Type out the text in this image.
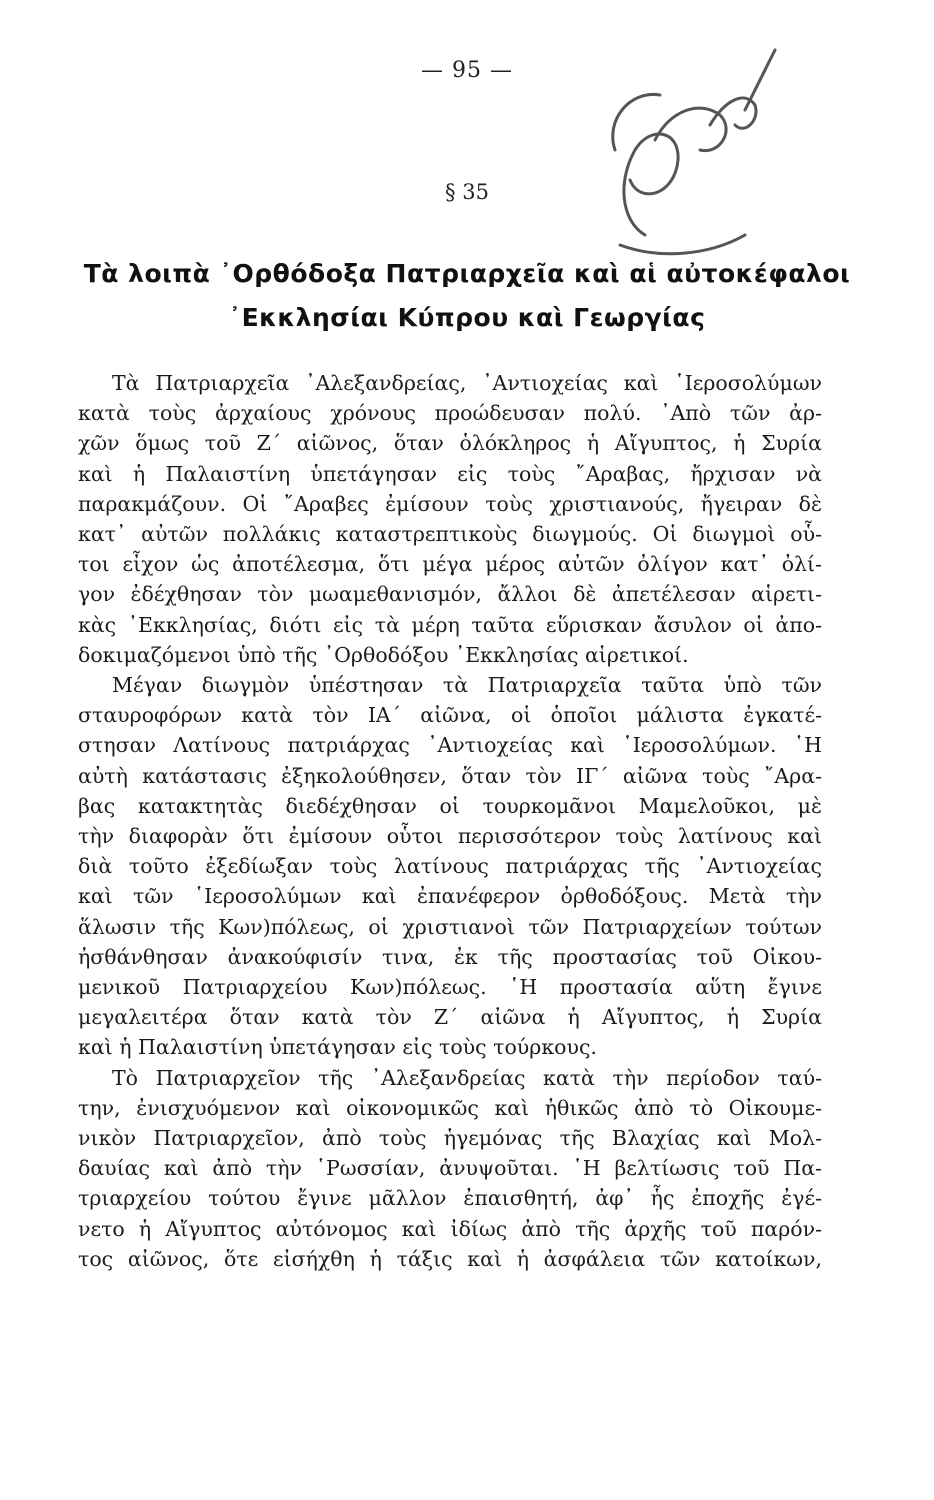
— 95 —
§ 35
Τὰ λοιπὰ ᾿Ορθόδοξα Πατριαρχεῖα καὶ αἱ αὐτοκέφαλοι
᾿Εκκλησίαι Κύπρου καὶ Γεωργίας
Τὰ Πατριαρχεῖα ᾿Αλεξανδρείας, ᾿Αντιοχείας καὶ ῾Ιεροσολύμων
κατὰ τοὺς ἀρχαίους χρόνους προώδευσαν πολύ. ᾿Απὸ τῶν ἀρ-
χῶν ὅμως τοῦ Ζ΄ αἰῶνος, ὅταν ὁλόκληρος ἡ Αἴγυπτος, ἡ Συρία
καὶ ἡ Παλαιστίνη ὑπετάγησαν εἰς τοὺς ῎Αραβας, ἤρχισαν νὰ
παρακμάζουν. Οἱ ῎Αραβες ἐμίσουν τοὺς χριστιανούς, ἤγειραν δὲ
κατ᾿ αὐτῶν πολλάκις καταστρεπτικοὺς διωγμούς. Οἱ διωγμοὶ οὗ-
τοι εἶχον ὡς ἀποτέλεσμα, ὅτι μέγα μέρος αὐτῶν ὀλίγον κατ᾿ ὀλί-
γον ἐδέχθησαν τὸν μωαμεθανισμόν, ἄλλοι δὲ ἀπετέλεσαν αἱρετι-
κὰς ᾿Εκκλησίας, διότι εἰς τὰ μέρη ταῦτα εὕρισκαν ἄσυλον οἱ ἀπο-
δοκιμαζόμενοι ὑπὸ τῆς ᾿Ορθοδόξου ᾿Εκκλησίας αἱρετικοί.
Μέγαν διωγμὸν ὑπέστησαν τὰ Πατριαρχεῖα ταῦτα ὑπὸ τῶν
σταυροφόρων κατὰ τὸν ΙΑ΄ αἰῶνα, οἱ ὁποῖοι μάλιστα ἐγκατέ-
στησαν Λατίνους πατριάρχας ᾿Αντιοχείας καὶ ῾Ιεροσολύμων. ῾Η
αὐτὴ κατάστασις ἐξηκολούθησεν, ὅταν τὸν ΙΓ΄ αἰῶνα τοὺς ῎Αρα-
βας κατακτητὰς διεδέχθησαν οἱ τουρκομᾶνοι Μαμελοῦκοι, μὲ
τὴν διαφορὰν ὅτι ἐμίσουν οὗτοι περισσότερον τοὺς λατίνους καὶ
διὰ τοῦτο ἐξεδίωξαν τοὺς λατίνους πατριάρχας τῆς ᾿Αντιοχείας
καὶ τῶν ῾Ιεροσολύμων καὶ ἐπανέφερον ὀρθοδόξους. Μετὰ τὴν
ἅλωσιν τῆς Κων)πόλεως, οἱ χριστιανοὶ τῶν Πατριαρχείων τούτων
ἠσθάνθησαν ἀνακούφισίν τινα, ἐκ τῆς προστασίας τοῦ Οἰκου-
μενικοῦ Πατριαρχείου Κων)πόλεως. ῾Η προστασία αὕτη ἔγινε
μεγαλειτέρα ὅταν κατὰ τὸν Ζ΄ αἰῶνα ἡ Αἴγυπτος, ἡ Συρία
καὶ ἡ Παλαιστίνη ὑπετάγησαν εἰς τοὺς τούρκους.
Τὸ Πατριαρχεῖον τῆς ᾿Αλεξανδρείας κατὰ τὴν περίοδον ταύ-
την, ἐνισχυόμενον καὶ οἰκονομικῶς καὶ ἠθικῶς ἀπὸ τὸ Οἰκουμε-
νικὸν Πατριαρχεῖον, ἀπὸ τοὺς ἡγεμόνας τῆς Βλαχίας καὶ Μολ-
δαυίας καὶ ἀπὸ τὴν ῾Ρωσσίαν, ἀνυψοῦται. ῾Η βελτίωσις τοῦ Πα-
τριαρχείου τούτου ἔγινε μᾶλλον ἐπαισθητή, ἀφ᾿ ἧς ἐποχῆς ἐγέ-
νετο ἡ Αἴγυπτος αὐτόνομος καὶ ἰδίως ἀπὸ τῆς ἀρχῆς τοῦ παρόν-
τος αἰῶνος, ὅτε εἰσήχθη ἡ τάξις καὶ ἡ ἀσφάλεια τῶν κατοίκων,
